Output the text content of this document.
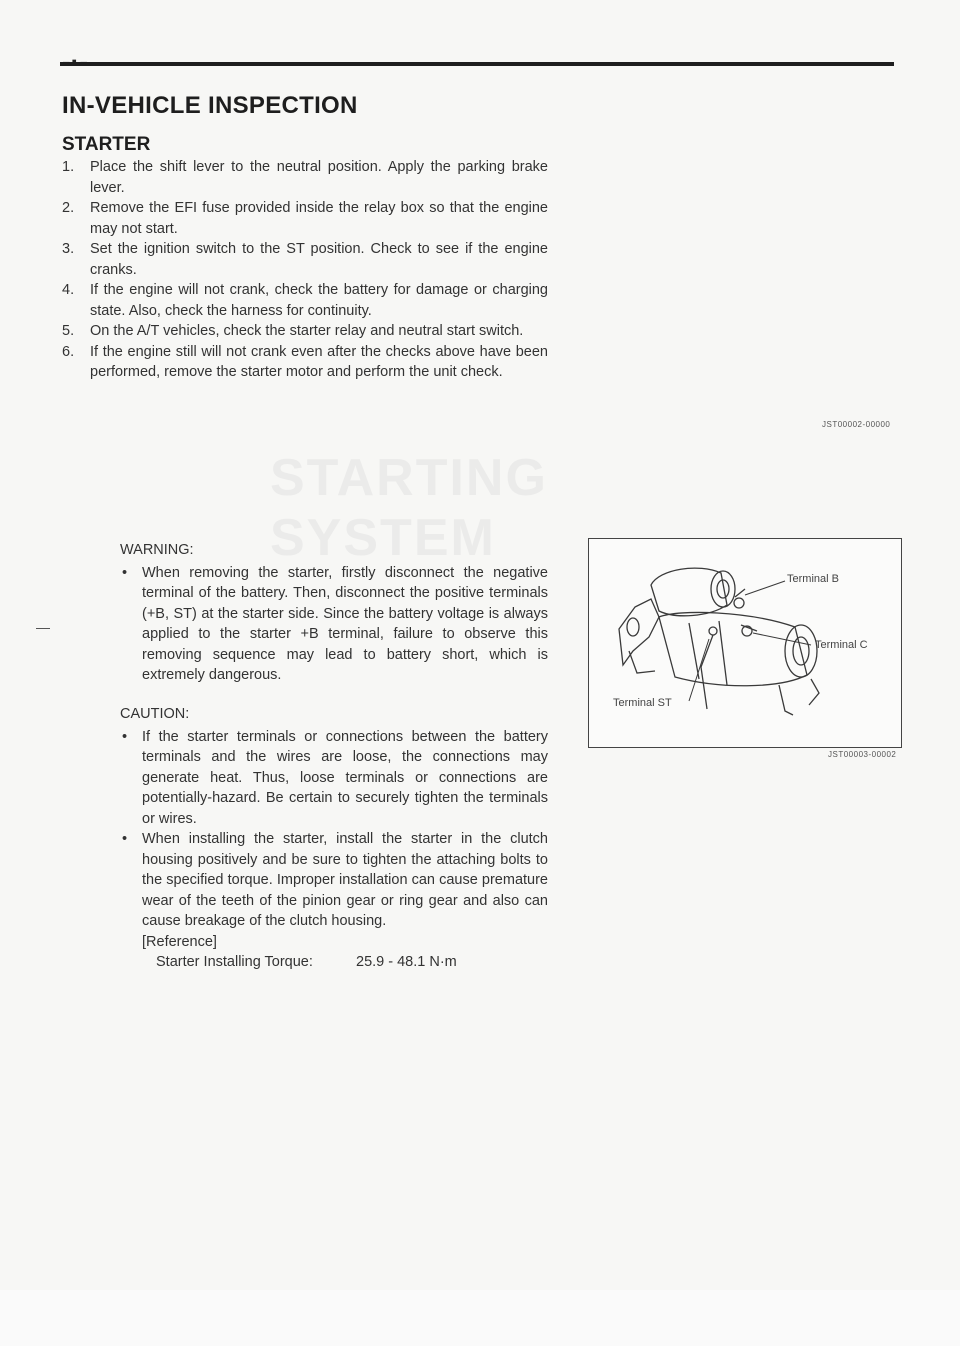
STARTING SYSTEM
IN-VEHICLE INSPECTION
STARTER
1. Place the shift lever to the neutral position. Apply the parking brake lever.
2. Remove the EFI fuse provided inside the relay box so that the engine may not start.
3. Set the ignition switch to the ST position. Check to see if the engine cranks.
4. If the engine will not crank, check the battery for damage or charging state. Also, check the harness for continuity.
5. On the A/T vehicles, check the starter relay and neutral start switch.
6. If the engine still will not crank even after the checks above have been performed, remove the starter motor and perform the unit check.
JST00002-00000

WARNING:

• When removing the starter, firstly disconnect the negative terminal of the battery. Then, disconnect the positive terminals (+B, ST) at the starter side. Since the battery voltage is always applied to the starter +B terminal, failure to observe this removing sequence may lead to battery short, which is extremely dangerous.

CAUTION:

• If the starter terminals or connections between the battery terminals and the wires are loose, the connections may generate heat. Thus, loose terminals or connections are potentially-hazard. Be certain to securely tighten the terminals or wires.

• When installing the starter, install the starter in the clutch housing positively and be sure to tighten the attaching bolts to the specified torque. Improper installation can cause premature wear of the teeth of the pinion gear or ring gear and also can cause breakage of the clutch housing.

[Reference]

Starter Installing Torque:	25.9 - 48.1 N·m
Terminal B
Terminal C
Terminal ST
JST00003-00002
